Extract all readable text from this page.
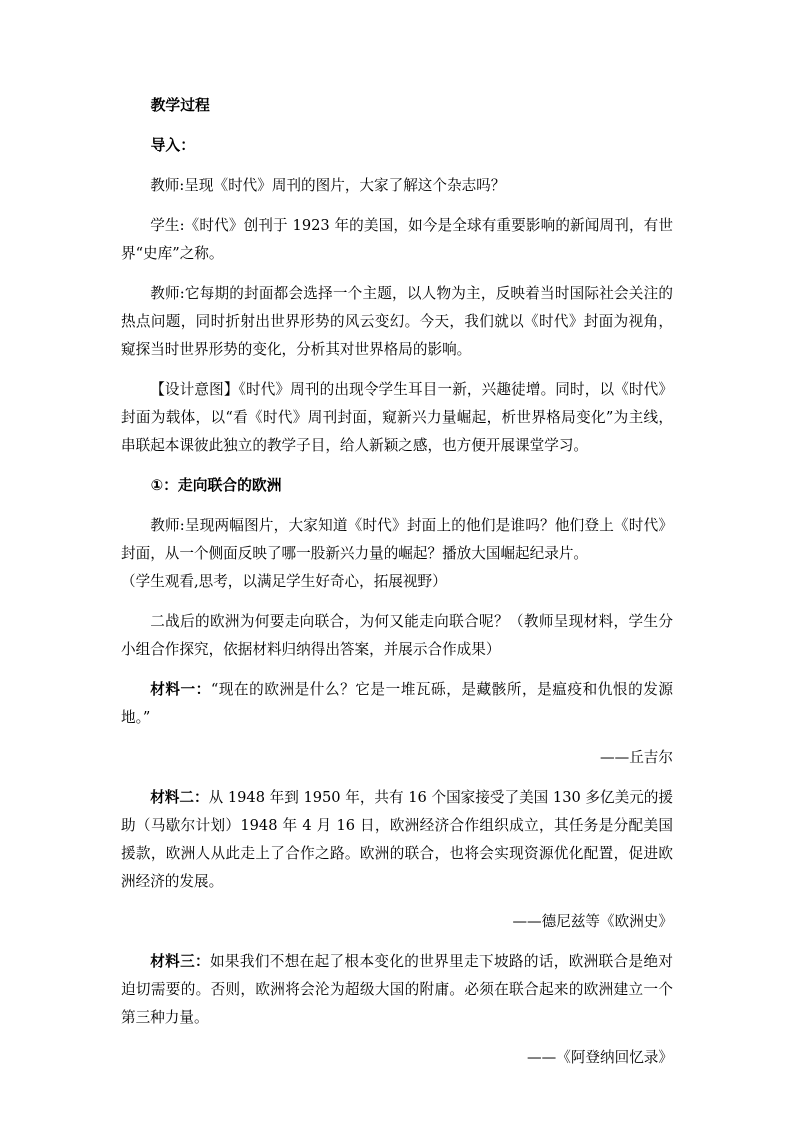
教学过程

导入：

教师:呈现《时代》周刊的图片，大家了解这个杂志吗？

学生:《时代》创刊于 1923 年的美国，如今是全球有重要影响的新闻周刊，有世界“史库”之称。

教师:它每期的封面都会选择一个主题，以人物为主，反映着当时国际社会关注的热点问题，同时折射出世界形势的风云变幻。今天，我们就以《时代》封面为视角，窥探当时世界形势的变化，分析其对世界格局的影响。

【设计意图】《时代》周刊的出现令学生耳目一新，兴趣徒增。同时，以《时代》封面为载体，以“看《时代》周刊封面，窥新兴力量崛起，析世界格局变化”为主线，串联起本课彼此独立的教学子目，给人新颖之感，也方便开展课堂学习。

①：走向联合的欧洲

教师:呈现两幅图片，大家知道《时代》封面上的他们是谁吗？他们登上《时代》封面，从一个侧面反映了哪一股新兴力量的崛起？播放大国崛起纪录片。

（学生观看,思考，以满足学生好奇心，拓展视野）

二战后的欧洲为何要走向联合，为何又能走向联合呢？（教师呈现材料，学生分小组合作探究，依据材料归纳得出答案，并展示合作成果）

材料一：“现在的欧洲是什么？它是一堆瓦砾，是藏骸所，是瘟疫和仇恨的发源地。”

——丘吉尔

材料二：从 1948 年到 1950 年，共有 16 个国家接受了美国 130 多亿美元的援助（马歇尔计划）1948 年 4 月 16 日，欧洲经济合作组织成立，其任务是分配美国援款，欧洲人从此走上了合作之路。欧洲的联合，也将会实现资源优化配置，促进欧洲经济的发展。

——德尼兹等《欧洲史》

材料三：如果我们不想在起了根本变化的世界里走下坡路的话，欧洲联合是绝对迫切需要的。否则，欧洲将会沦为超级大国的附庸。必须在联合起来的欧洲建立一个第三种力量。

——《阿登纳回忆录》
